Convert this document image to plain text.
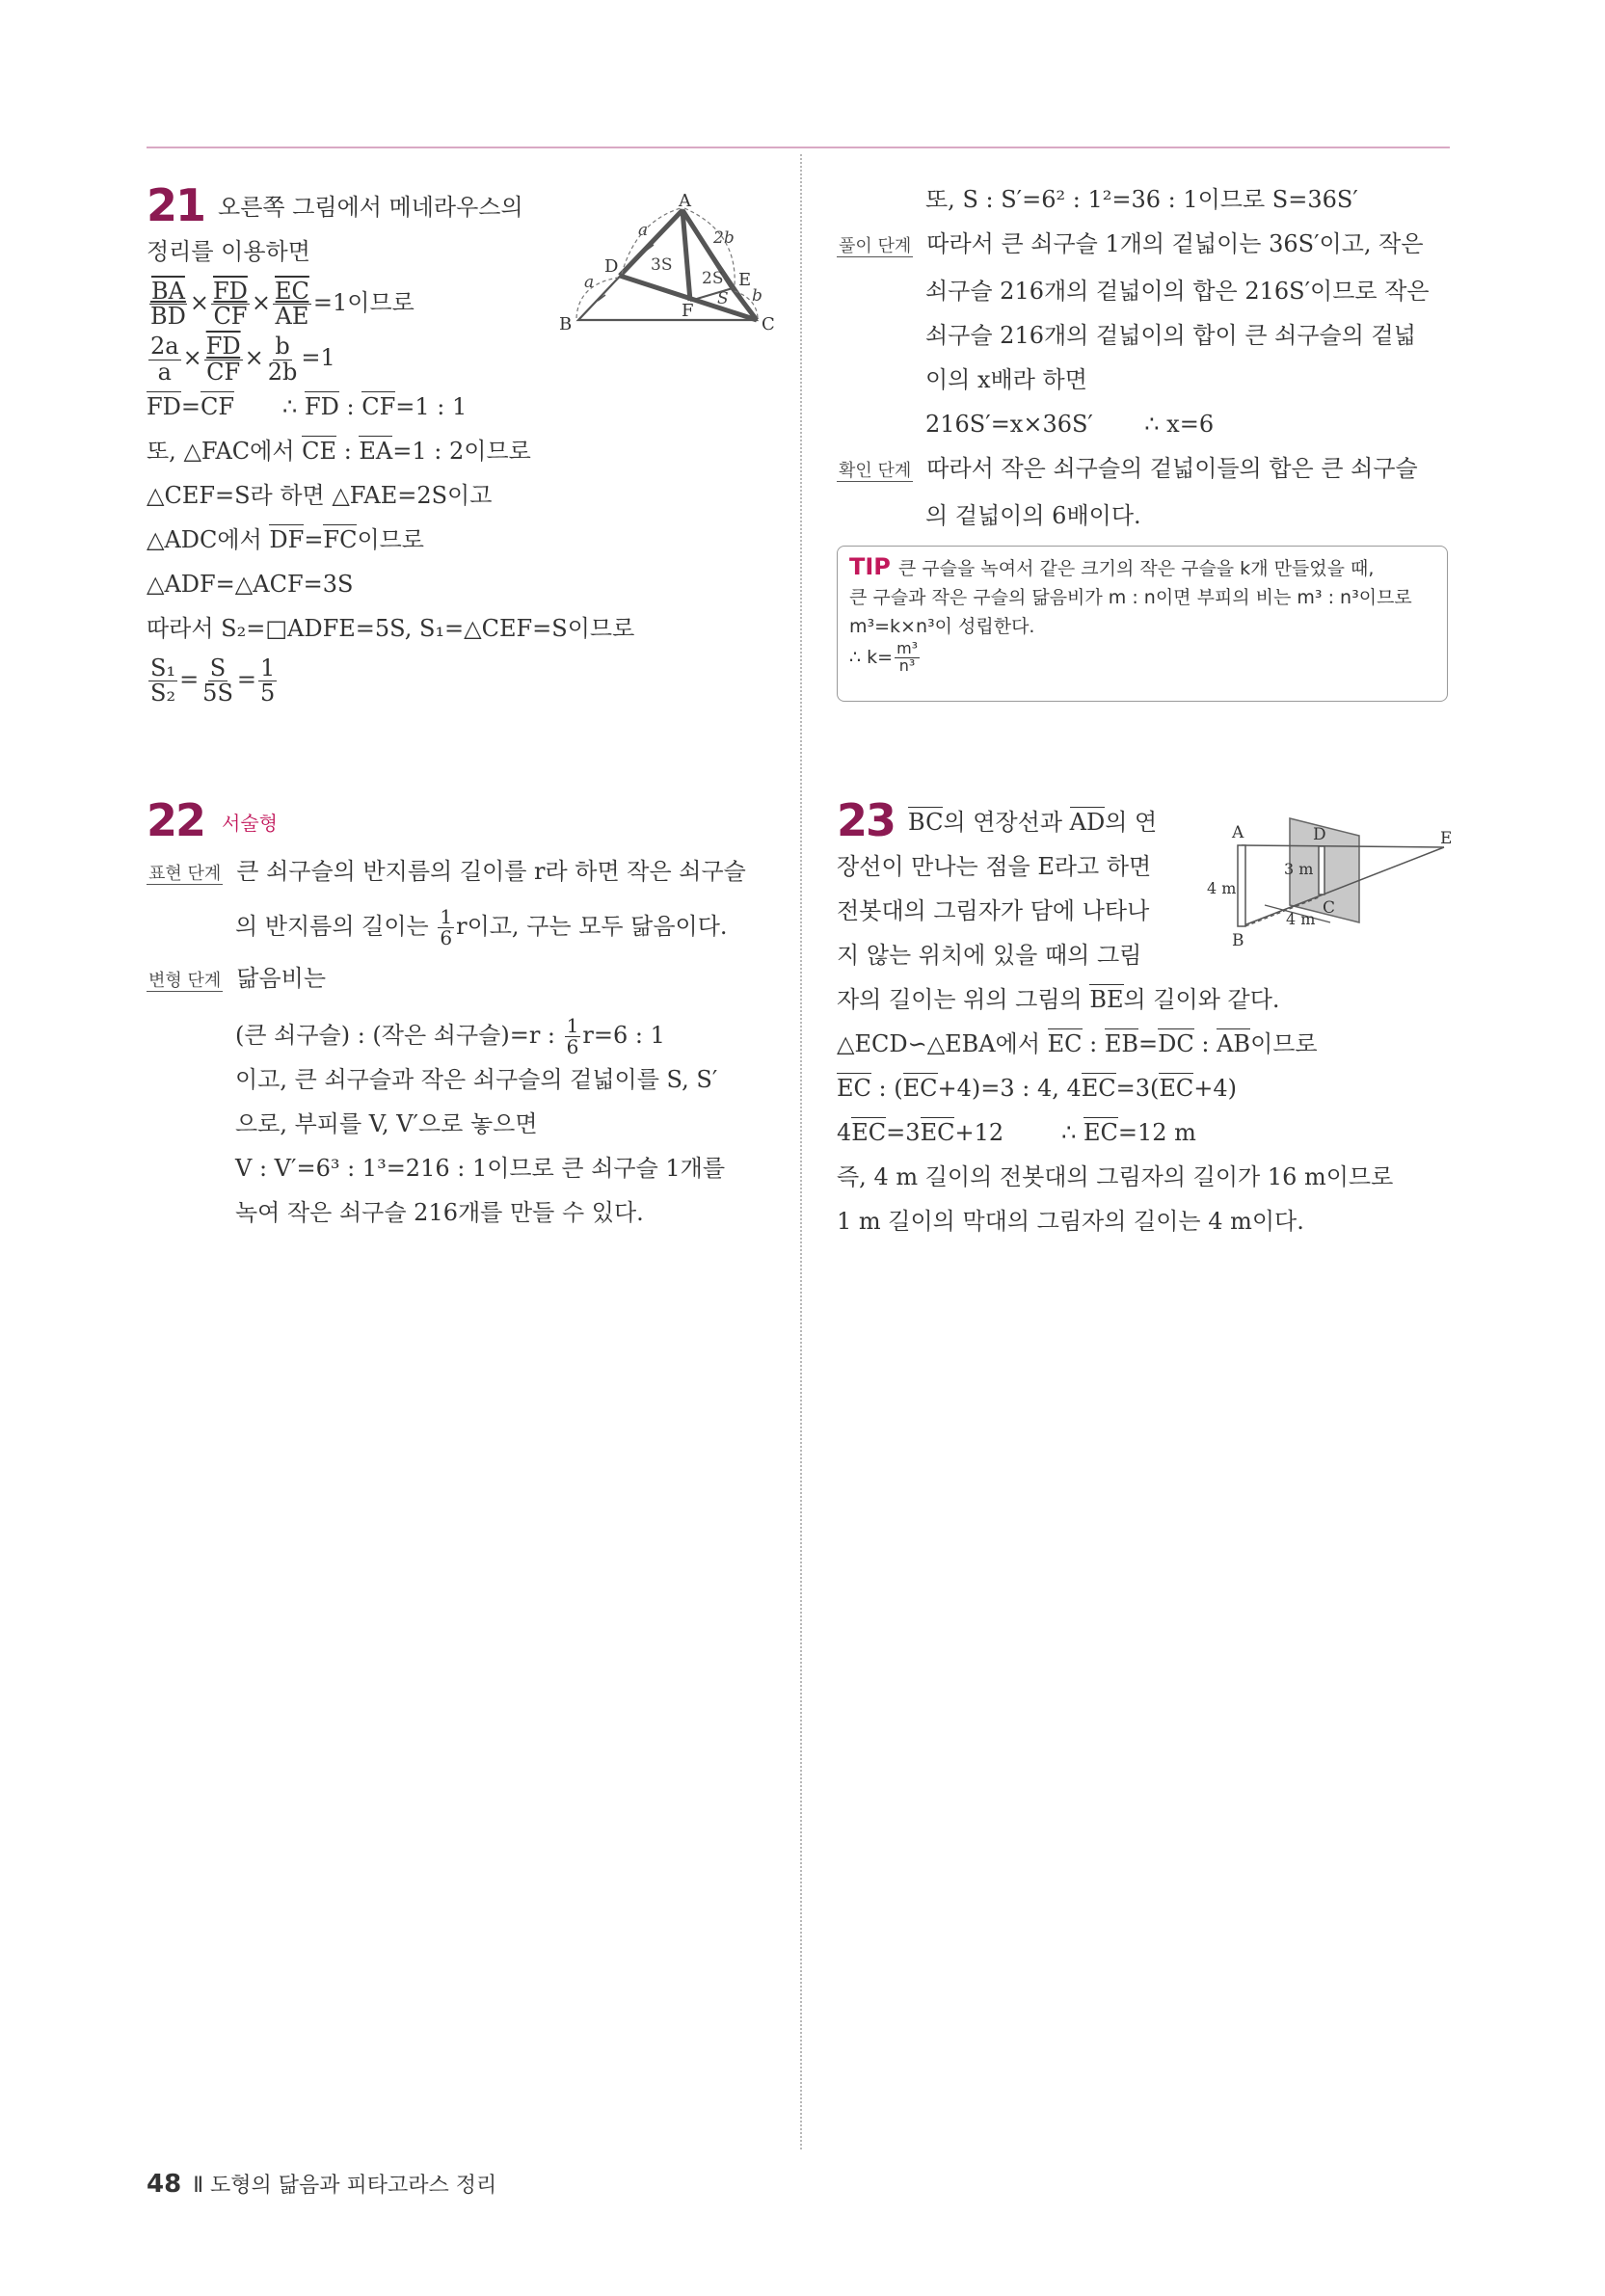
21 오른쪽 그림에서 메네라우스의
정리를 이용하면
$\frac{\overline{BA}}{BD} \times \frac{\overline{FD}}{CF} \times \frac{\overline{EC}}{AE} =1$이므로
$\frac{2a}{a} \times \frac{\overline{FD}}{CF} \times \frac{b}{2b} =1$
FD=CF ∴ FD : CF=1 : 1
또, △FAC에서 CE : EA=1 : 2이므로
△CEF=S라 하면 △FAE=2S이고
△ADC에서 DF=FC이므로
△ADF=△ACF=3S
따라서 S₂=□ADFE=5S, S₁=△CEF=S이므로
$\frac{\text{S₁}}{\text{S₂}} = \frac{S}{5S} = \frac{1}{5}$
A
B	C
D
E
F
a
a
2b
b
3S
2S
S
22 서술형
표현 단계 큰 쇠구슬의 반지름의 길이를 r라 하면 작은 쇠구슬
의 반지름의 길이는 $\frac{1}{6}$ r이고, 구는 모두 닮음이다.
변형 단계 닮음비는
(큰 쇠구슬) : (작은 쇠구슬)=r : $\frac{1}{6} r=6$ : 1
이고, 큰 쇠구슬과 작은 쇠구슬의 겉넓이를 S, S′
으로, 부피를 V, V′으로 놓으면
V : V′=6³ : 1³=216 : 1이므로 큰 쇠구슬 1개를
녹여 작은 쇠구슬 216개를 만들 수 있다.
또, S : S′=6² : 1²=36 : 1이므로 S=36S′
풀이 단계 따라서 큰 쇠구슬 1개의 겉넓이는 36S′이고, 작은
쇠구슬 216개의 겉넓이의 합은 216S′이므로 작은
쇠구슬 216개의 겉넓이의 합이 큰 쇠구슬의 겉넓
이의 x배라 하면
216S′=x×36S′       ∴ x=6
확인 단계 따라서 작은 쇠구슬의 겉넓이들의 합은 큰 쇠구슬
의 겉넓이의 6배이다.
TIP 큰 구슬을 녹여서 같은 크기의 작은 구슬을 k개 만들었을 때,
큰 구슬과 작은 구슬의 닮음비가 m : n이면 부피의 비는 m³ : n³이므로
m³=k×n³이 성립한다.
∴ $k= \frac{\text{m³}}{\text{n³}}$
23 BC의 연장선과 AD의 연
장선이 만나는 점을 E라고 하면
전봇대의 그림자가 담에 나타나
지 않는 위치에 있을 때의 그림
자의 길이는 위의 그림의 BE의 길이와 같다.
△ECD∽△EBA에서 EC : EB=DC : AB이므로
EC : (EC+4)=3 : 4, 4EC=3(EC+4)
4EC=3EC+12	∴ EC=12 m
즉, 4 m 길이의 전봇대의 그림자의 길이가 16 m이므로
1 m 길이의 막대의 그림자의 길이는 4 m이다.
A
B
C
D	E
4 m
3 m
4 m
48 Ⅱ 도형의 닮음과 피타고라스 정리
